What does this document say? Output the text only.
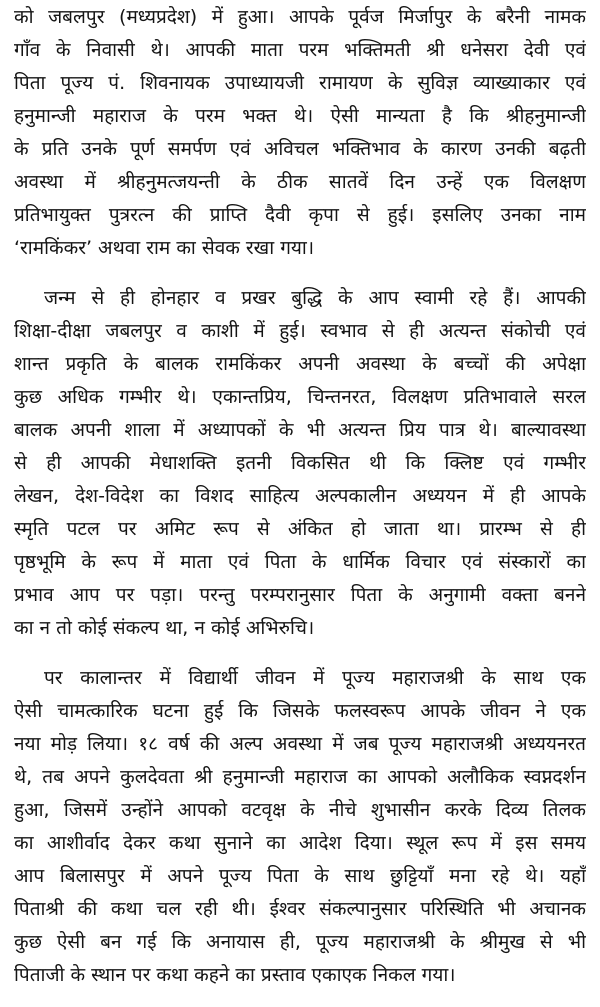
को जबलपुर (मध्यप्रदेश) में हुआ। आपके पूर्वज मिर्जापुर के बरैनी नामक
गाँव के निवासी थे। आपकी माता परम भक्तिमती श्री धनेसरा देवी एवं
पिता पूज्य पं. शिवनायक उपाध्यायजी रामायण के सुविज्ञ व्याख्याकार एवं
हनुमान्जी महाराज के परम भक्त थे। ऐसी मान्यता है कि श्रीहनुमान्जी
के प्रति उनके पूर्ण समर्पण एवं अविचल भक्तिभाव के कारण उनकी बढ़ती
अवस्था में श्रीहनुमत्जयन्ती के ठीक सातवें दिन उन्हें एक विलक्षण
प्रतिभायुक्त पुत्ररत्न की प्राप्ति दैवी कृपा से हुई। इसलिए उनका नाम
‘रामकिंकर’ अथवा राम का सेवक रखा गया।
जन्म से ही होनहार व प्रखर बुद्धि के आप स्वामी रहे हैं। आपकी
शिक्षा-दीक्षा जबलपुर व काशी में हुई। स्वभाव से ही अत्यन्त संकोची एवं
शान्त प्रकृति के बालक रामकिंकर अपनी अवस्था के बच्चों की अपेक्षा
कुछ अधिक गम्भीर थे। एकान्तप्रिय, चिन्तनरत, विलक्षण प्रतिभावाले सरल
बालक अपनी शाला में अध्यापकों के भी अत्यन्त प्रिय पात्र थे। बाल्यावस्था
से ही आपकी मेधाशक्ति इतनी विकसित थी कि क्लिष्ट एवं गम्भीर
लेखन, देश-विदेश का विशद साहित्य अल्पकालीन अध्ययन में ही आपके
स्मृति पटल पर अमिट रूप से अंकित हो जाता था। प्रारम्भ से ही
पृष्ठभूमि के रूप में माता एवं पिता के धार्मिक विचार एवं संस्कारों का
प्रभाव आप पर पड़ा। परन्तु परम्परानुसार पिता के अनुगामी वक्ता बनने
का न तो कोई संकल्प था, न कोई अभिरुचि।
पर कालान्तर में विद्यार्थी जीवन में पूज्य महाराजश्री के साथ एक
ऐसी चामत्कारिक घटना हुई कि जिसके फलस्वरूप आपके जीवन ने एक
नया मोड़ लिया। १८ वर्ष की अल्प अवस्था में जब पूज्य महाराजश्री अध्ययनरत
थे, तब अपने कुलदेवता श्री हनुमान्जी महाराज का आपको अलौकिक स्वप्नदर्शन
हुआ, जिसमें उन्होंने आपको वटवृक्ष के नीचे शुभासीन करके दिव्य तिलक
का आशीर्वाद देकर कथा सुनाने का आदेश दिया। स्थूल रूप में इस समय
आप बिलासपुर में अपने पूज्य पिता के साथ छुट्टियाँ मना रहे थे। यहाँ
पिताश्री की कथा चल रही थी। ईश्वर संकल्पानुसार परिस्थिति भी अचानक
कुछ ऐसी बन गई कि अनायास ही, पूज्य महाराजश्री के श्रीमुख से भी
पिताजी के स्थान पर कथा कहने का प्रस्ताव एकाएक निकल गया।
